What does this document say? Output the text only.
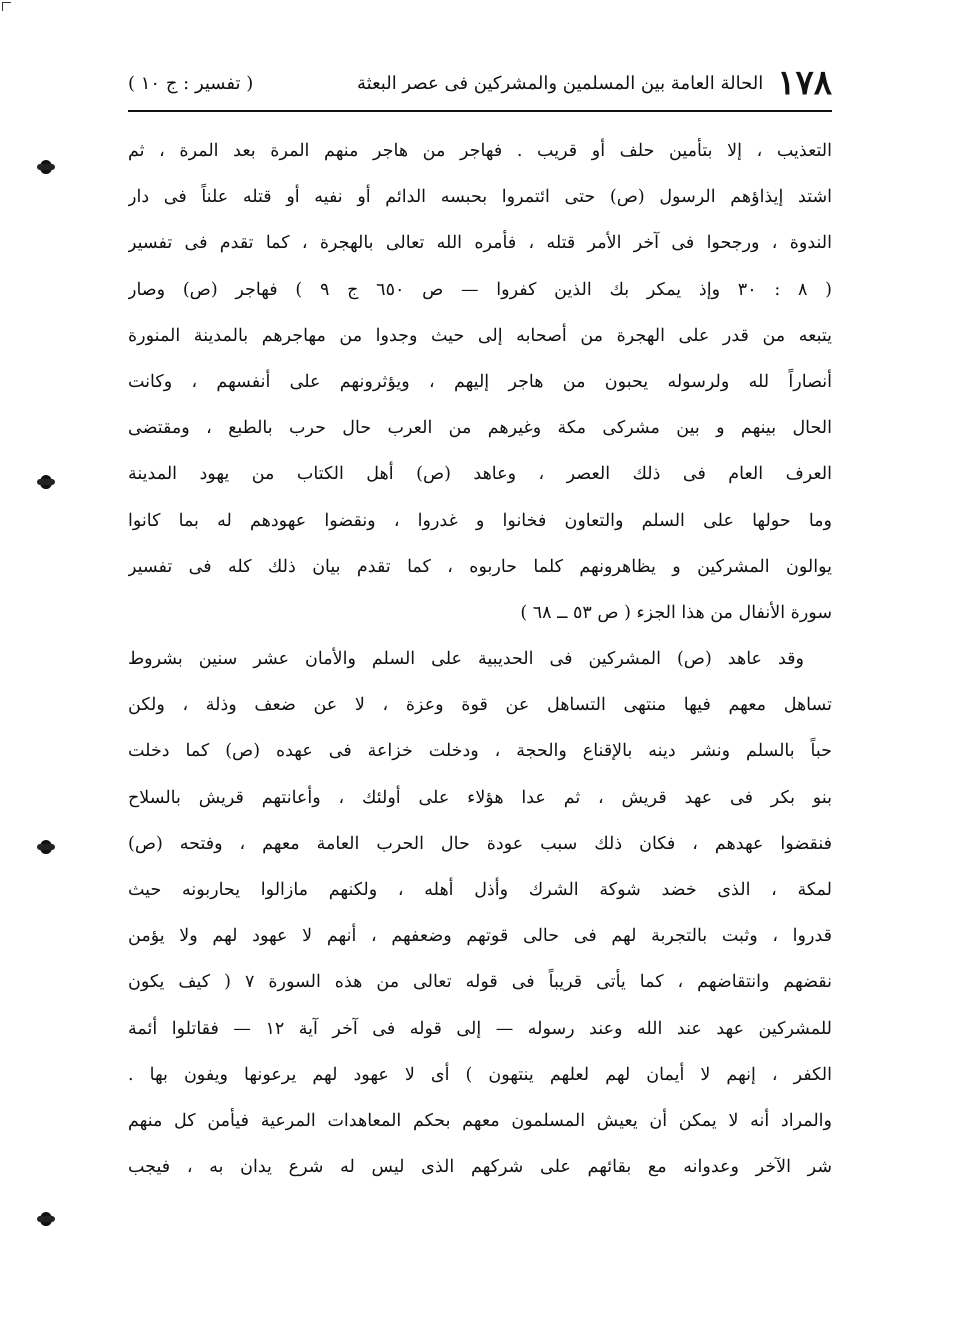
١٧٨
الحالة العامة بين المسلمين والمشركين فى عصر البعثة
( تفسير : ج ١٠ )
التعذيب ، إلا بتأمين حلف أو قريب . فهاجر من هاجر منهم المرة بعد المرة ، ثم
اشتد إيذاؤهم الرسول (ص) حتى ائتمروا بحبسه الدائم أو نفيه أو قتله علناً فى دار
الندوة ، ورجحوا فى آخر الأمر قتله ، فأمره الله تعالى بالهجرة ، كما تقدم فى تفسير
( ٨ : ٣٠ وإذ يمكر بك الذين كفروا — ص ٦٥٠ ج ٩ ) فهاجر (ص) وصار
يتبعه من قدر على الهجرة من أصحابه إلى حيث وجدوا من مهاجرهم بالمدينة المنورة
أنصاراً لله ولرسوله يحبون من هاجر إليهم ، ويؤثرونهم على أنفسهم ، وكانت
الحال بينهم و بين مشركى مكة وغيرهم من العرب حال حرب بالطبع ، ومقتضى
العرف العام فى ذلك العصر ، وعاهد (ص) أهل الكتاب من يهود المدينة
وما حولها على السلم والتعاون فخانوا و غدروا ، ونقضوا عهودهم له بما كانوا
يوالون المشركين و يظاهرونهم كلما حاربوه ، كما تقدم بيان ذلك كله فى تفسير
سورة الأنفال من هذا الجزء ( ص ٥٣ ــ ٦٨ )
وقد عاهد (ص) المشركين فى الحديبية على السلم والأمان عشر سنين بشروط
تساهل معهم فيها منتهى التساهل عن قوة وعزة ، لا عن ضعف وذلة ، ولكن
حباً بالسلم ونشر دينه بالإقناع والحجة ، ودخلت خزاعة فى عهده (ص) كما دخلت
بنو بكر فى عهد قريش ، ثم عدا هؤلاء على أولئك ، وأعانتهم قريش بالسلاح
فنقضوا عهدهم ، فكان ذلك سبب عودة حال الحرب العامة معهم ، وفتحه (ص)
لمكة ، الذى خضد شوكة الشرك وأذل أهله ، ولكنهم مازالوا يحاربونه حيث
قدروا ، وثبت بالتجربة لهم فى حالى قوتهم وضعفهم ، أنهم لا عهود لهم ولا يؤمن
نقضهم وانتقاضهم ، كما يأتى قريباً فى قوله تعالى من هذه السورة ٧ ( كيف يكون
للمشركين عهد عند الله وعند رسوله — إلى قوله فى آخر آية ١٢ — فقاتلوا أئمة
الكفر ، إنهم لا أيمان لهم لعلهم ينتهون ) أى لا عهود لهم يرعونها ويفون بها .
والمراد أنه لا يمكن أن يعيش المسلمون معهم بحكم المعاهدات المرعية فيأمن كل منهم
شر الآخر وعدوانه مع بقائهم على شركهم الذى ليس له شرع يدان به ، فيجب
